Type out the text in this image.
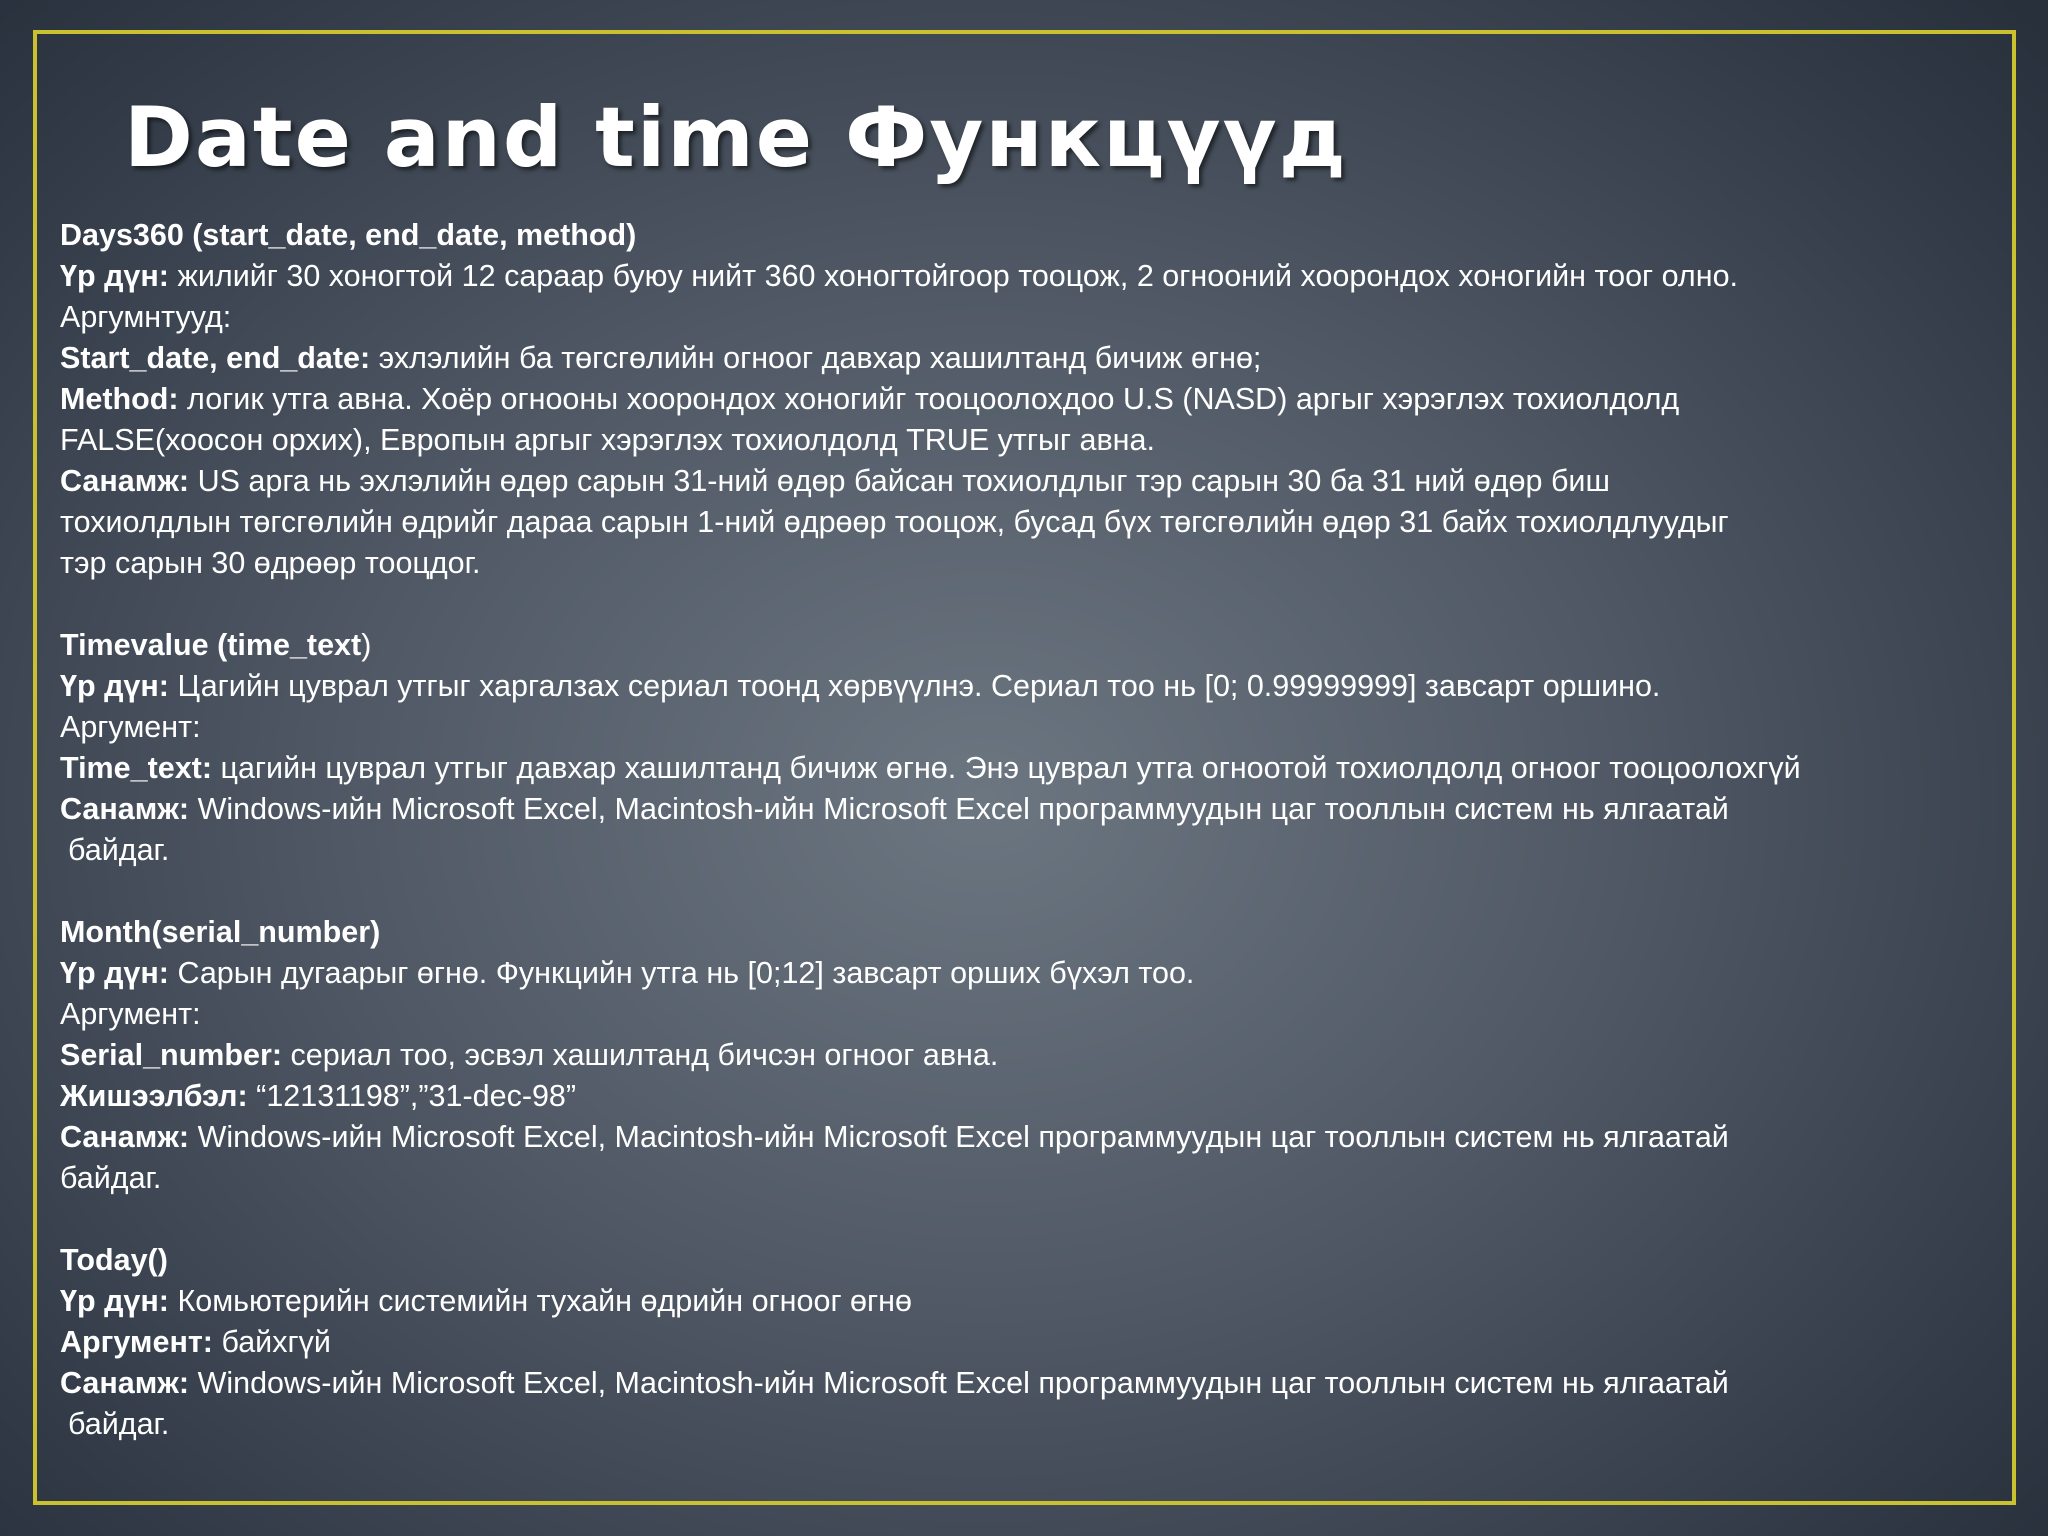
Date and time Функцүүд
Days360 (start_date, end_date, method)
Үр дүн: жилийг 30 хоногтой 12 сараар буюу нийт 360 хоногтойгоор тооцож, 2 огнооний хоорондох хоногийн тоог олно.
Аргумнтууд:
Start_date, end_date: эхлэлийн ба төгсгөлийн огноог давхар хашилтанд бичиж өгнө;
Method: логик утга авна. Хоёр огнооны хоорондох хоногийг тооцоолохдоо U.S (NASD) аргыг хэрэглэх тохиолдолд
FALSE(хоосон орхих), Европын аргыг хэрэглэх тохиолдолд TRUE утгыг авна.
Санамж: US арга нь эхлэлийн өдөр сарын 31-ний өдөр байсан тохиолдлыг тэр сарын 30 ба 31 ний өдөр биш
тохиолдлын төгсгөлийн өдрийг дараа сарын 1-ний өдрөөр тооцож, бусад бүх төгсгөлийн өдөр 31 байх тохиолдлуудыг
тэр сарын 30 өдрөөр тооцдог.
Timevalue (time_text)
Үр дүн: Цагийн цуврал утгыг харгалзах сериал тоонд хөрвүүлнэ. Сериал тоо нь [0; 0.99999999] завсарт оршино.
Аргумент:
Time_text: цагийн цуврал утгыг давхар хашилтанд бичиж өгнө. Энэ цуврал утга огноотой тохиолдолд огноог тооцоолохгүй
Санамж: Windows-ийн Microsoft Excel, Macintosh-ийн Microsoft Excel программуудын цаг тооллын систем нь ялгаатай
байдаг.
Month(serial_number)
Үр дүн: Сарын дугаарыг өгнө. Функцийн утга нь [0;12] завсарт орших бүхэл тоо.
Аргумент:
Serial_number: сериал тоо, эсвэл хашилтанд бичсэн огноог авна.
Жишээлбэл: “12131198”,”31-dec-98”
Санамж: Windows-ийн Microsoft Excel, Macintosh-ийн Microsoft Excel программуудын цаг тооллын систем нь ялгаатай
байдаг.
Today()
Үр дүн: Комьютерийн системийн тухайн өдрийн огноог өгнө
Аргумент: байхгүй
Санамж: Windows-ийн Microsoft Excel, Macintosh-ийн Microsoft Excel программуудын цаг тооллын систем нь ялгаатай
байдаг.
